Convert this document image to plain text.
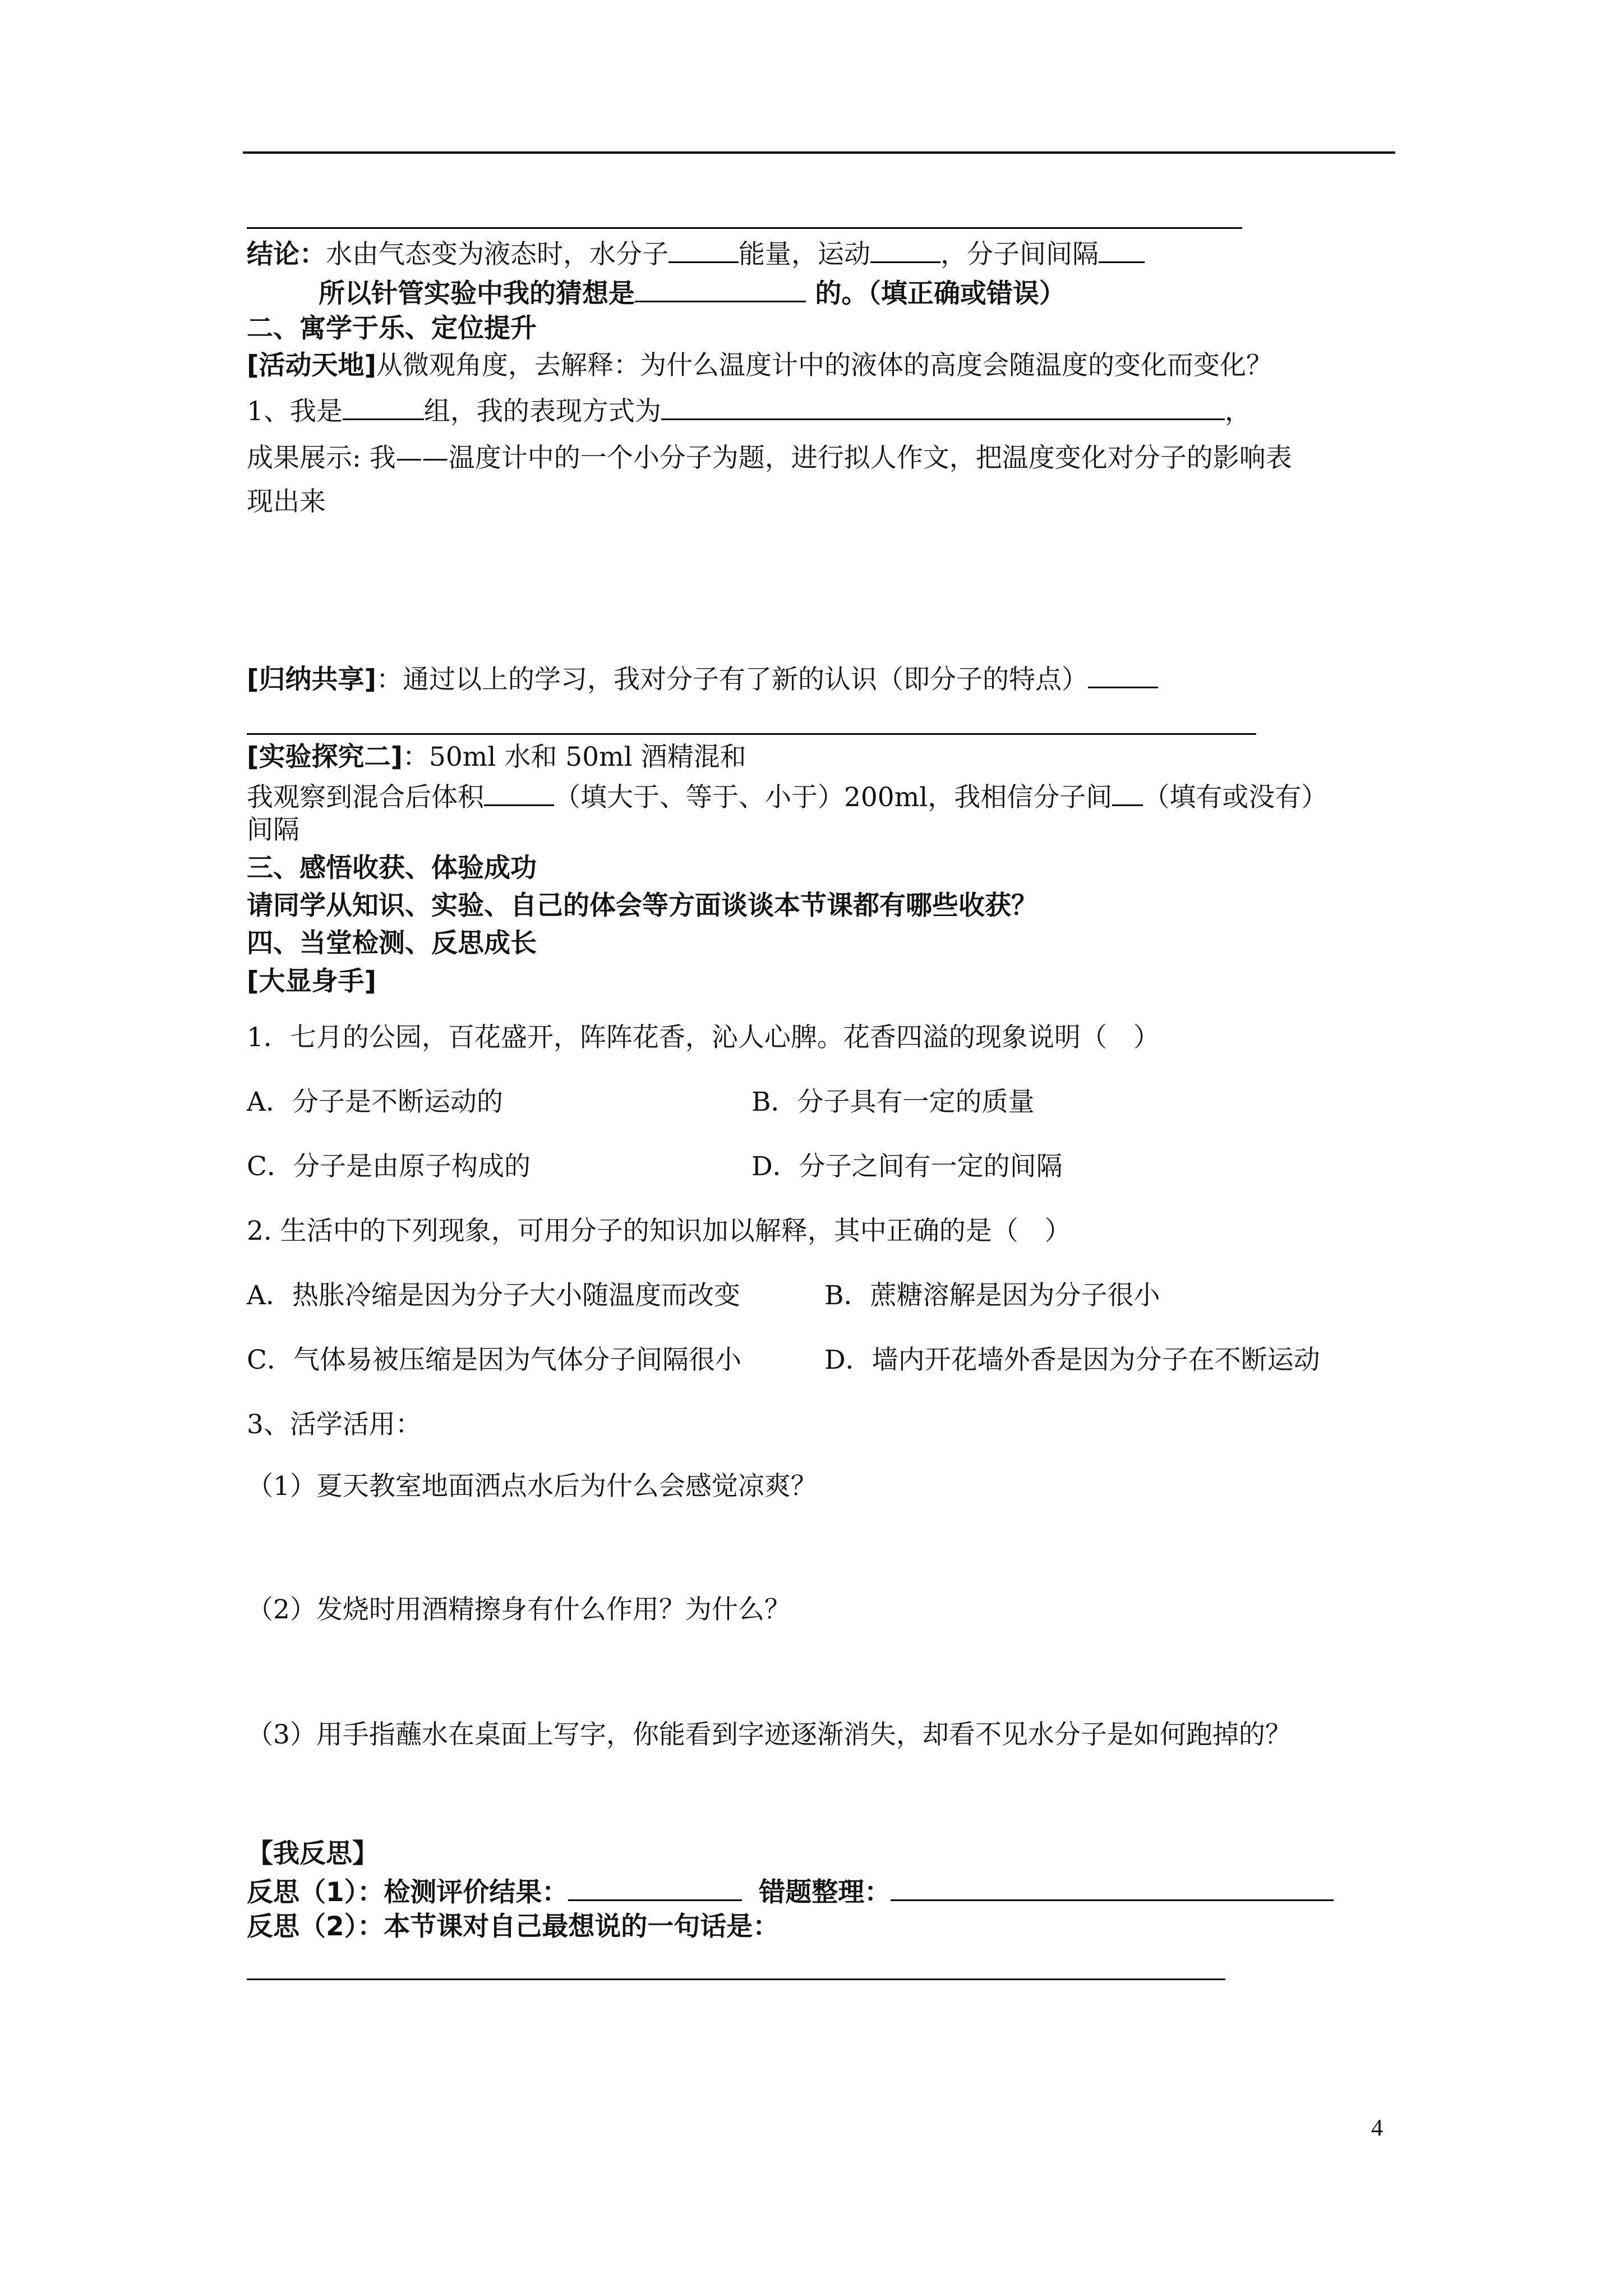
结论：水由气态变为液态时，水分子	能量，运动	，分子间间隔
所以针管实验中我的猜想是	的。（填正确或错误）
二、寓学于乐、定位提升
[活动天地]从微观角度，去解释：为什么温度计中的液体的高度会随温度的变化而变化？
1、我是	组，我的表现方式为	，
成果展示: 我——温度计中的一个小分子为题，进行拟人作文，把温度变化对分子的影响表
现出来
[归纳共享]：通过以上的学习，我对分子有了新的认识（即分子的特点）
[实验探究二]：50ml 水和 50ml 酒精混和
我观察到混合后体积	（填大于、等于、小于）200ml，我相信分子间 （填有或没有）
间隔
三、感悟收获、体验成功
请同学从知识、实验、自己的体会等方面谈谈本节课都有哪些收获？
四、当堂检测、反思成长
[大显身手]
1．七月的公园，百花盛开，阵阵花香，沁人心脾。花香四溢的现象说明（　）
A．分子是不断运动的	B．分子具有一定的质量
C．分子是由原子构成的	D．分子之间有一定的间隔
2. 生活中的下列现象，可用分子的知识加以解释，其中正确的是（　）
A．热胀冷缩是因为分子大小随温度而改变	B．蔗糖溶解是因为分子很小
C．气体易被压缩是因为气体分子间隔很小	D．墙内开花墙外香是因为分子在不断运动
3、活学活用：
（1）夏天教室地面洒点水后为什么会感觉凉爽？
（2）发烧时用酒精擦身有什么作用？为什么？
（3）用手指蘸水在桌面上写字，你能看到字迹逐渐消失，却看不见水分子是如何跑掉的？
【我反思】
反思（1）：检测评价结果：	错题整理：
反思（2）：本节课对自己最想说的一句话是：
4
